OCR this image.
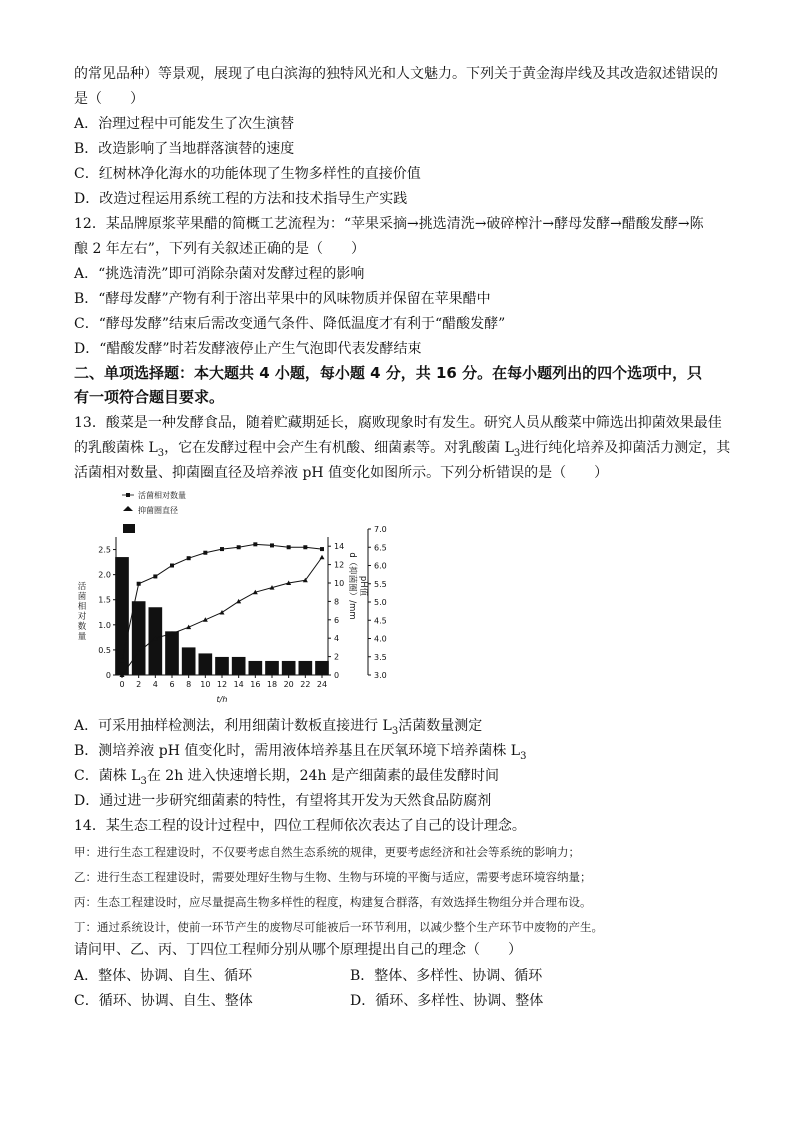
的常见品种）等景观，展现了电白滨海的独特风光和人文魅力。下列关于黄金海岸线及其改造叙述错误的
是（　　）
A．治理过程中可能发生了次生演替
B．改造影响了当地群落演替的速度
C．红树林净化海水的功能体现了生物多样性的直接价值
D．改造过程运用系统工程的方法和技术指导生产实践
12．某品牌原浆苹果醋的简概工艺流程为：“苹果采摘→挑选清洗→破碎榨汁→酵母发酵→醋酸发酵→陈
酿 2 年左右”，下列有关叙述正确的是（　　）
A．“挑选清洗”即可消除杂菌对发酵过程的影响
B．“酵母发酵”产物有利于溶出苹果中的风味物质并保留在苹果醋中
C．“酵母发酵”结束后需改变通气条件、降低温度才有利于“醋酸发酵”
D．“醋酸发酵”时若发酵液停止产生气泡即代表发酵结束
二、单项选择题：本大题共 4 小题，每小题 4 分，共 16 分。在每小题列出的四个选项中，只
有一项符合题目要求。
13．酸菜是一种发酵食品，随着贮藏期延长，腐败现象时有发生。研究人员从酸菜中筛选出抑菌效果最佳
的乳酸菌株 $L_3$，它在发酵过程中会产生有机酸、细菌素等。对乳酸菌 $L_3$进行纯化培养及抑菌活力测定，其
活菌相对数量、抑菌圈直径及培养液 pH 值变化如图所示。下列分析错误的是（　　）
活菌相对数量
抑菌圈直径
0
0.5
1.0
1.5
2.0
2.5
0
2
4
6
8
10
12
14
3.0
3.5
4.0
4.5
5.0
5.5
6.0
6.5
7.0
0 2 4 6 8 10 12 14 16 18 20 22 24
t/h
活
菌
相
对
数
量
d（抑菌圈）/mm pH值
A．可采用抽样检测法，利用细菌计数板直接进行 $L_3$活菌数量测定
B．测培养液 pH 值变化时，需用液体培养基且在厌氧环境下培养菌株 $L_3$
C．菌株 $L_3$在 2h 进入快速增长期，24h 是产细菌素的最佳发酵时间
D．通过进一步研究细菌素的特性，有望将其开发为天然食品防腐剂
14．某生态工程的设计过程中，四位工程师依次表达了自己的设计理念。
甲：进行生态工程建设时，不仅要考虑自然生态系统的规律，更要考虑经济和社会等系统的影响力；
乙：进行生态工程建设时，需要处理好生物与生物、生物与环境的平衡与适应，需要考虑环境容纳量；
丙：生态工程建设时，应尽量提高生物多样性的程度，构建复合群落，有效选择生物组分并合理布设。
丁：通过系统设计，使前一环节产生的废物尽可能被后一环节利用，以减少整个生产环节中废物的产生。
请问甲、乙、丙、丁四位工程师分别从哪个原理提出自己的理念（　　）
A．整体、协调、自生、循环	B．整体、多样性、协调、循环
C．循环、协调、自生、整体	D．循环、多样性、协调、整体
